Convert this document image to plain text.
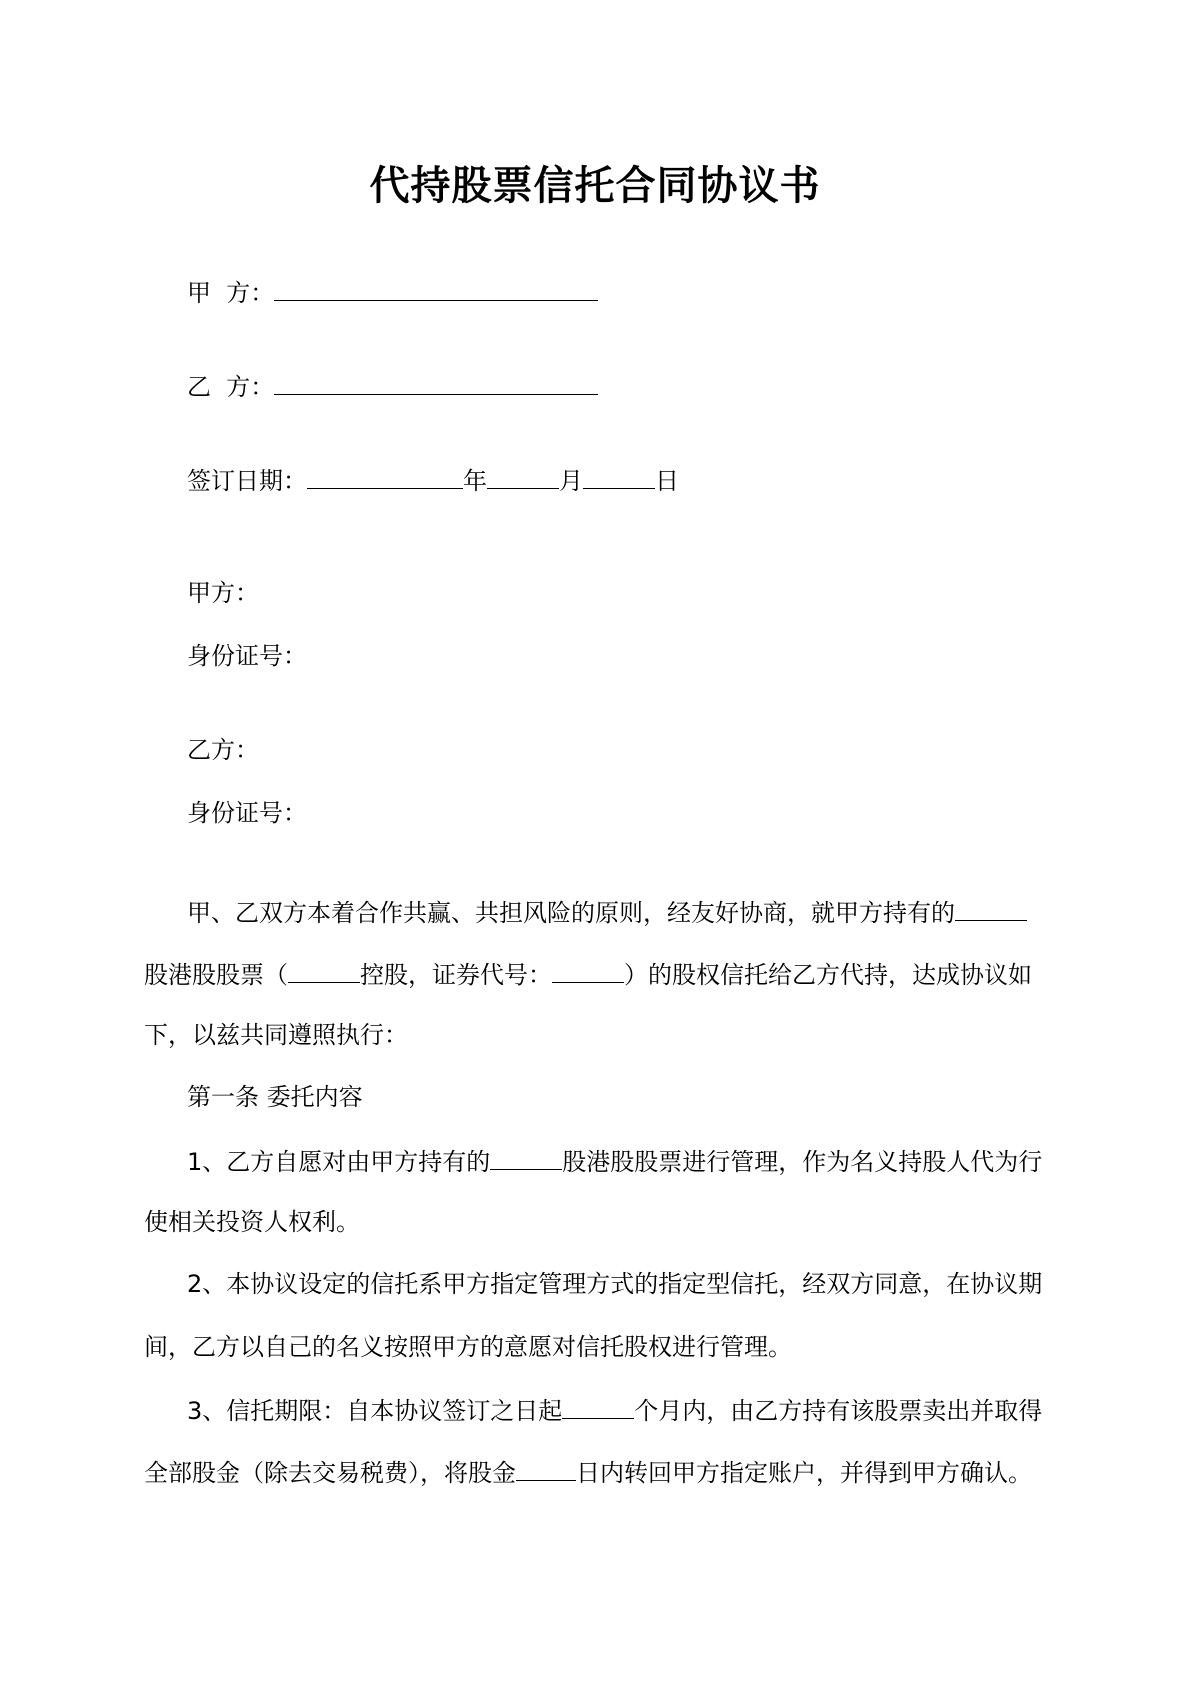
代持股票信托合同协议书
甲  方：
乙  方：
签订日期：	年	月	日
甲方：
身份证号：
乙方：
身份证号：
甲、乙双方本着合作共赢、共担风险的原则，经友好协商，就甲方持有的
股港股股票（	控股，证券代号：	）的股权信托给乙方代持，达成协议如
下，以兹共同遵照执行：
第一条 委托内容
1、乙方自愿对由甲方持有的	股港股股票进行管理，作为名义持股人代为行
使相关投资人权利。
2、本协议设定的信托系甲方指定管理方式的指定型信托，经双方同意，在协议期
间，乙方以自己的名义按照甲方的意愿对信托股权进行管理。
3、信托期限：自本协议签订之日起	个月内，由乙方持有该股票卖出并取得
全部股金（除去交易税费），将股金	日内转回甲方指定账户，并得到甲方确认。
